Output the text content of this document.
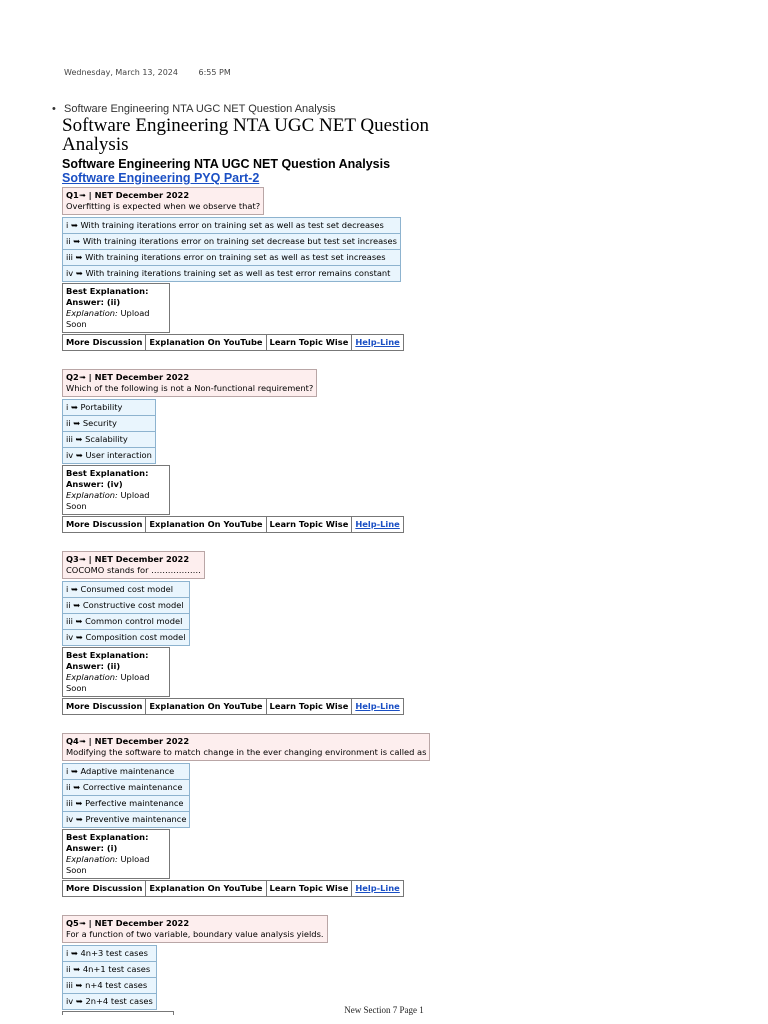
Wednesday, March 13, 2024	6:55 PM
• Software Engineering NTA UGC NET Question Analysis
Software Engineering NTA UGC NET Question Analysis
Software Engineering NTA UGC NET Question Analysis
Software Engineering PYQ Part-2
Q1➟ | NET December 2022
Overfitting is expected when we observe that?
i ➥ With training iterations error on training set as well as test set decreases
ii ➥ With training iterations error on training set decrease but test set increases
iii ➥ With training iterations error on training set as well as test set increases
iv ➥ With training iterations training set as well as test error remains constant
Best Explanation:
Answer: (ii)
Explanation: Upload Soon
More Discussion	Explanation On YouTube	Learn Topic Wise	Help-Line
Q2➟ | NET December 2022
Which of the following is not a Non-functional requirement?
i ➥ Portability
ii ➥ Security
iii ➥ Scalability
iv ➥ User interaction
Best Explanation:
Answer: (iv)
Explanation: Upload Soon
More Discussion	Explanation On YouTube	Learn Topic Wise	Help-Line
Q3➟ | NET December 2022
COCOMO stands for ………………
i ➥ Consumed cost model
ii ➥ Constructive cost model
iii ➥ Common control model
iv ➥ Composition cost model
Best Explanation:
Answer: (ii)
Explanation: Upload Soon
More Discussion	Explanation On YouTube	Learn Topic Wise	Help-Line
Q4➟ | NET December 2022
Modifying the software to match change in the ever changing environment is called as
i ➥ Adaptive maintenance
ii ➥ Corrective maintenance
iii ➥ Perfective maintenance
iv ➥ Preventive maintenance
Best Explanation:
Answer: (i)
Explanation: Upload Soon
More Discussion	Explanation On YouTube	Learn Topic Wise	Help-Line
Q5➟ | NET December 2022
For a function of two variable, boundary value analysis yields.
i ➥ 4n+3 test cases
ii ➥ 4n+1 test cases
iii ➥ n+4 test cases
iv ➥ 2n+4 test cases
New Section 7 Page 1
